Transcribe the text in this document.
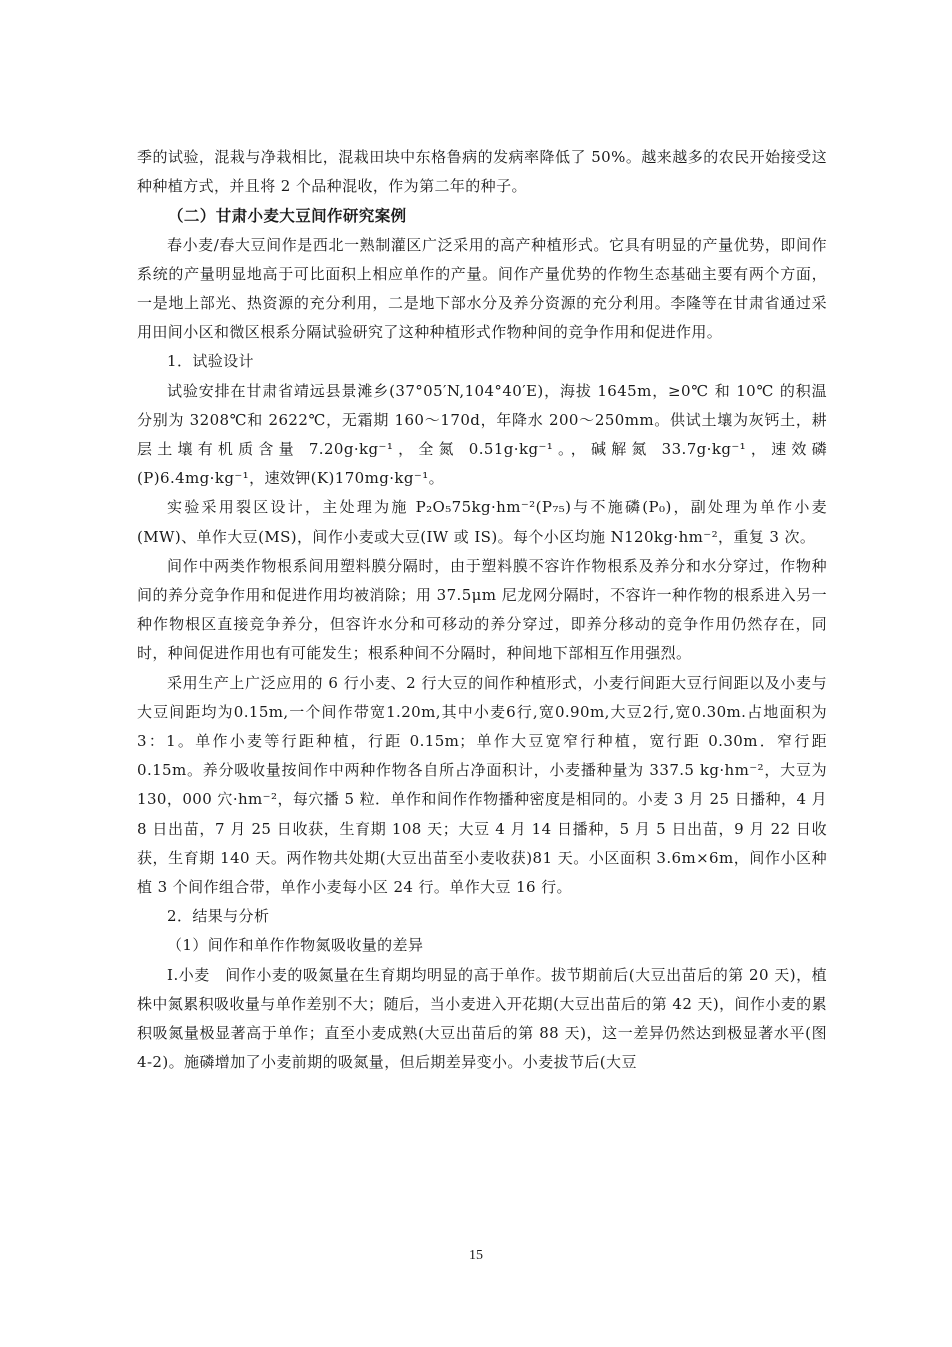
季的试验，混栽与净栽相比，混栽田块中东格鲁病的发病率降低了 50%。越来越多的农民开始接受这种种植方式，并且将 2 个品种混收，作为第二年的种子。

（二）甘肃小麦大豆间作研究案例

春小麦/春大豆间作是西北一熟制灌区广泛采用的高产种植形式。它具有明显的产量优势，即间作系统的产量明显地高于可比面积上相应单作的产量。间作产量优势的作物生态基础主要有两个方面，一是地上部光、热资源的充分利用，二是地下部水分及养分资源的充分利用。李隆等在甘肃省通过采用田间小区和微区根系分隔试验研究了这种种植形式作物种间的竞争作用和促进作用。

1．试验设计

试验安排在甘肃省靖远县景滩乡(37°05′N,104°40′E)，海拔 1645m，≥0℃ 和 10℃ 的积温分别为 3208℃和 2622℃，无霜期 160～170d，年降水 200～250mm。供试土壤为灰钙土，耕层土壤有机质含量 7.20g·kg⁻¹，全氮 0.51g·kg⁻¹。，碱解氮 33.7g·kg⁻¹，速效磷(P)6.4mg·kg⁻¹，速效钾(K)170mg·kg⁻¹。

实验采用裂区设计，主处理为施 P₂O₅75kg·hm⁻²(P₇₅)与不施磷(P₀)，副处理为单作小麦(MW)、单作大豆(MS)，间作小麦或大豆(IW 或 IS)。每个小区均施 N120kg·hm⁻²，重复 3 次。

间作中两类作物根系间用塑料膜分隔时，由于塑料膜不容许作物根系及养分和水分穿过，作物种间的养分竞争作用和促进作用均被消除；用 37.5μm 尼龙网分隔时，不容许一种作物的根系进入另一种作物根区直接竞争养分，但容许水分和可移动的养分穿过，即养分移动的竞争作用仍然存在，同时，种间促进作用也有可能发生；根系种间不分隔时，种间地下部相互作用强烈。

采用生产上广泛应用的 6 行小麦、2 行大豆的间作种植形式，小麦行间距大豆行间距以及小麦与大豆间距均为0.15m,一个间作带宽1.20m,其中小麦6行,宽0.90m,大豆2行,宽0.30m.占地面积为 3：1。单作小麦等行距种植，行距 0.15m；单作大豆宽窄行种植，宽行距 0.30m．窄行距 0.15m。养分吸收量按间作中两种作物各自所占净面积计，小麦播种量为 337.5 kg·hm⁻²，大豆为 130，000 穴·hm⁻²，每穴播 5 粒．单作和间作作物播种密度是相同的。小麦 3 月 25 日播种，4 月 8 日出苗，7 月 25 日收获，生育期 108 天；大豆 4 月 14 日播种，5 月 5 日出苗，9 月 22 日收获，生育期 140 天。两作物共处期(大豆出苗至小麦收获)81 天。小区面积 3.6m×6m，间作小区种植 3 个间作组合带，单作小麦每小区 24 行。单作大豆 16 行。

2．结果与分析

（1）间作和单作作物氮吸收量的差异

Ⅰ.小麦　间作小麦的吸氮量在生育期均明显的高于单作。拔节期前后(大豆出苗后的第 20 天)，植株中氮累积吸收量与单作差别不大；随后，当小麦进入开花期(大豆出苗后的第 42 天)，间作小麦的累积吸氮量极显著高于单作；直至小麦成熟(大豆出苗后的第 88 天)，这一差异仍然达到极显著水平(图 4-2)。施磷增加了小麦前期的吸氮量，但后期差异变小。小麦拔节后(大豆

15
